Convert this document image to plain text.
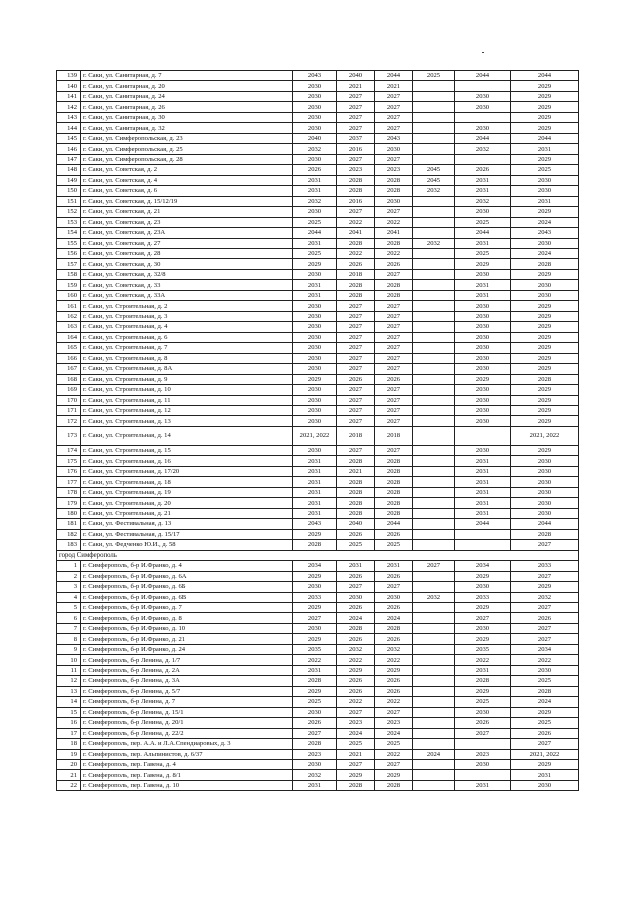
139	г. Саки, ул. Санитарная, д. 7	2043	2040	2044	2025	2044	2044
140	г. Саки, ул. Санитарная, д. 20	2030	2021	2021			2029
141	г. Саки, ул. Санитарная, д. 24	2030	2027	2027		2030	2029
142	г. Саки, ул. Санитарная, д. 26	2030	2027	2027		2030	2029
143	г. Саки, ул. Санитарная, д. 30	2030	2027	2027			2029
144	г. Саки, ул. Санитарная, д. 32	2030	2027	2027		2030	2029
145	г. Саки, ул. Симферопольская, д. 23	2040	2037	2043		2044	2044
146	г. Саки, ул. Симферопольская, д. 25	2032	2016	2030		2032	2031
147	г. Саки, ул. Симферопольская, д. 28	2030	2027	2027			2029
148	г. Саки, ул. Советская, д. 2	2026	2023	2023	2045	2026	2025
149	г. Саки, ул. Советская, д. 4	2031	2028	2028	2045	2031	2030
150	г. Саки, ул. Советская, д. 6	2031	2028	2028	2032	2031	2030
151	г. Саки, ул. Советская, д. 15/12/19	2032	2016	2030		2032	2031
152	г. Саки, ул. Советская, д. 21	2030	2027	2027		2030	2029
153	г. Саки, ул. Советская, д. 23	2025	2022	2022		2025	2024
154	г. Саки, ул. Советская, д. 23А	2044	2041	2041		2044	2043
155	г. Саки, ул. Советская, д. 27	2031	2028	2028	2032	2031	2030
156	г. Саки, ул. Советская, д. 28	2025	2022	2022		2025	2024
157	г. Саки, ул. Советская, д. 30	2029	2026	2026		2029	2028
158	г. Саки, ул. Советская, д. 32/8	2030	2018	2027		2030	2029
159	г. Саки, ул. Советская, д. 33	2031	2028	2028		2031	2030
160	г. Саки, ул. Советская, д. 33А	2031	2028	2028		2031	2030
161	г. Саки, ул. Строительная, д. 2	2030	2027	2027		2030	2029
162	г. Саки, ул. Строительная, д. 3	2030	2027	2027		2030	2029
163	г. Саки, ул. Строительная, д. 4	2030	2027	2027		2030	2029
164	г. Саки, ул. Строительная, д. 6	2030	2027	2027		2030	2029
165	г. Саки, ул. Строительная, д. 7	2030	2027	2027		2030	2029
166	г. Саки, ул. Строительная, д. 8	2030	2027	2027		2030	2029
167	г. Саки, ул. Строительная, д. 8А	2030	2027	2027		2030	2029
168	г. Саки, ул. Строительная, д. 9	2029	2026	2026		2029	2028
169	г. Саки, ул. Строительная, д. 10	2030	2027	2027		2030	2029
170	г. Саки, ул. Строительная, д. 11	2030	2027	2027		2030	2029
171	г. Саки, ул. Строительная, д. 12	2030	2027	2027		2030	2029
172	г. Саки, ул. Строительная, д. 13	2030	2027	2027		2030	2029
173	г. Саки, ул. Строительная, д. 14	2021, 2022	2018	2018			2021, 2022
174	г. Саки, ул. Строительная, д. 15	2030	2027	2027		2030	2029
175	г. Саки, ул. Строительная, д. 16	2031	2028	2028		2031	2030
176	г. Саки, ул. Строительная, д. 17/20	2031	2021	2028		2031	2030
177	г. Саки, ул. Строительная, д. 18	2031	2028	2028		2031	2030
178	г. Саки, ул. Строительная, д. 19	2031	2028	2028		2031	2030
179	г. Саки, ул. Строительная, д. 20	2031	2028	2028		2031	2030
180	г. Саки, ул. Строительная, д. 21	2031	2028	2028		2031	2030
181	г. Саки, ул. Фестивальная, д. 13	2043	2040	2044		2044	2044
182	г. Саки, ул. Фестивальная, д. 15/17	2029	2026	2026			2028
183	г. Саки, ул. Федченко Ю.И., д. 58	2028	2025	2025			2027
город Симферополь							
1	г. Симферополь, б-р И.Франко, д. 4	2034	2031	2031	2027	2034	2033
2	г. Симферополь, б-р И.Франко, д. 6А	2029	2026	2026		2029	2027
3	г. Симферополь, б-р И.Франко, д. 6Б	2030	2027	2027		2030	2029
4	г. Симферополь, б-р И.Франко, д. 6В	2033	2030	2030	2032	2033	2032
5	г. Симферополь, б-р И.Франко, д. 7	2029	2026	2026		2029	2027
6	г. Симферополь, б-р И.Франко, д. 8	2027	2024	2024		2027	2026
7	г. Симферополь, б-р И.Франко, д. 10	2030	2028	2028		2030	2027
8	г. Симферополь, б-р И.Франко, д. 21	2029	2026	2026		2029	2027
9	г. Симферополь, б-р И.Франко, д. 24	2035	2032	2032		2035	2034
10	г. Симферополь, б-р Ленина, д. 1/7	2022	2022	2022		2022	2022
11	г. Симферополь, б-р Ленина, д. 2А	2031	2029	2029		2031	2030
12	г. Симферополь, б-р Ленина, д. 3А	2028	2026	2026		2028	2025
13	г. Симферополь, б-р Ленина, д. 5/7	2029	2026	2026		2029	2028
14	г. Симферополь, б-р Ленина, д. 7	2025	2022	2022		2025	2024
15	г. Симферополь, б-р Ленина, д. 15/1	2030	2027	2027		2030	2029
16	г. Симферополь, б-р Ленина, д. 20/1	2026	2023	2023		2026	2025
17	г. Симферополь, б-р Ленина, д. 22/2	2027	2024	2024		2027	2026
18	г. Симферополь, пер. А.А. и Л.А.Спендиаровых, д. 3	2028	2025	2025			2027
19	г. Симферополь, пер. Альпинистов, д. 6/37	2023	2021	2022	2024	2023	2021, 2022
20	г. Симферополь, пер. Гавена, д. 4	2030	2027	2027		2030	2029
21	г. Симферополь, пер. Гавена, д. 8/1	2032	2029	2029			2031
22	г. Симферополь, пер. Гавена, д. 10	2031	2028	2028		2031	2030
